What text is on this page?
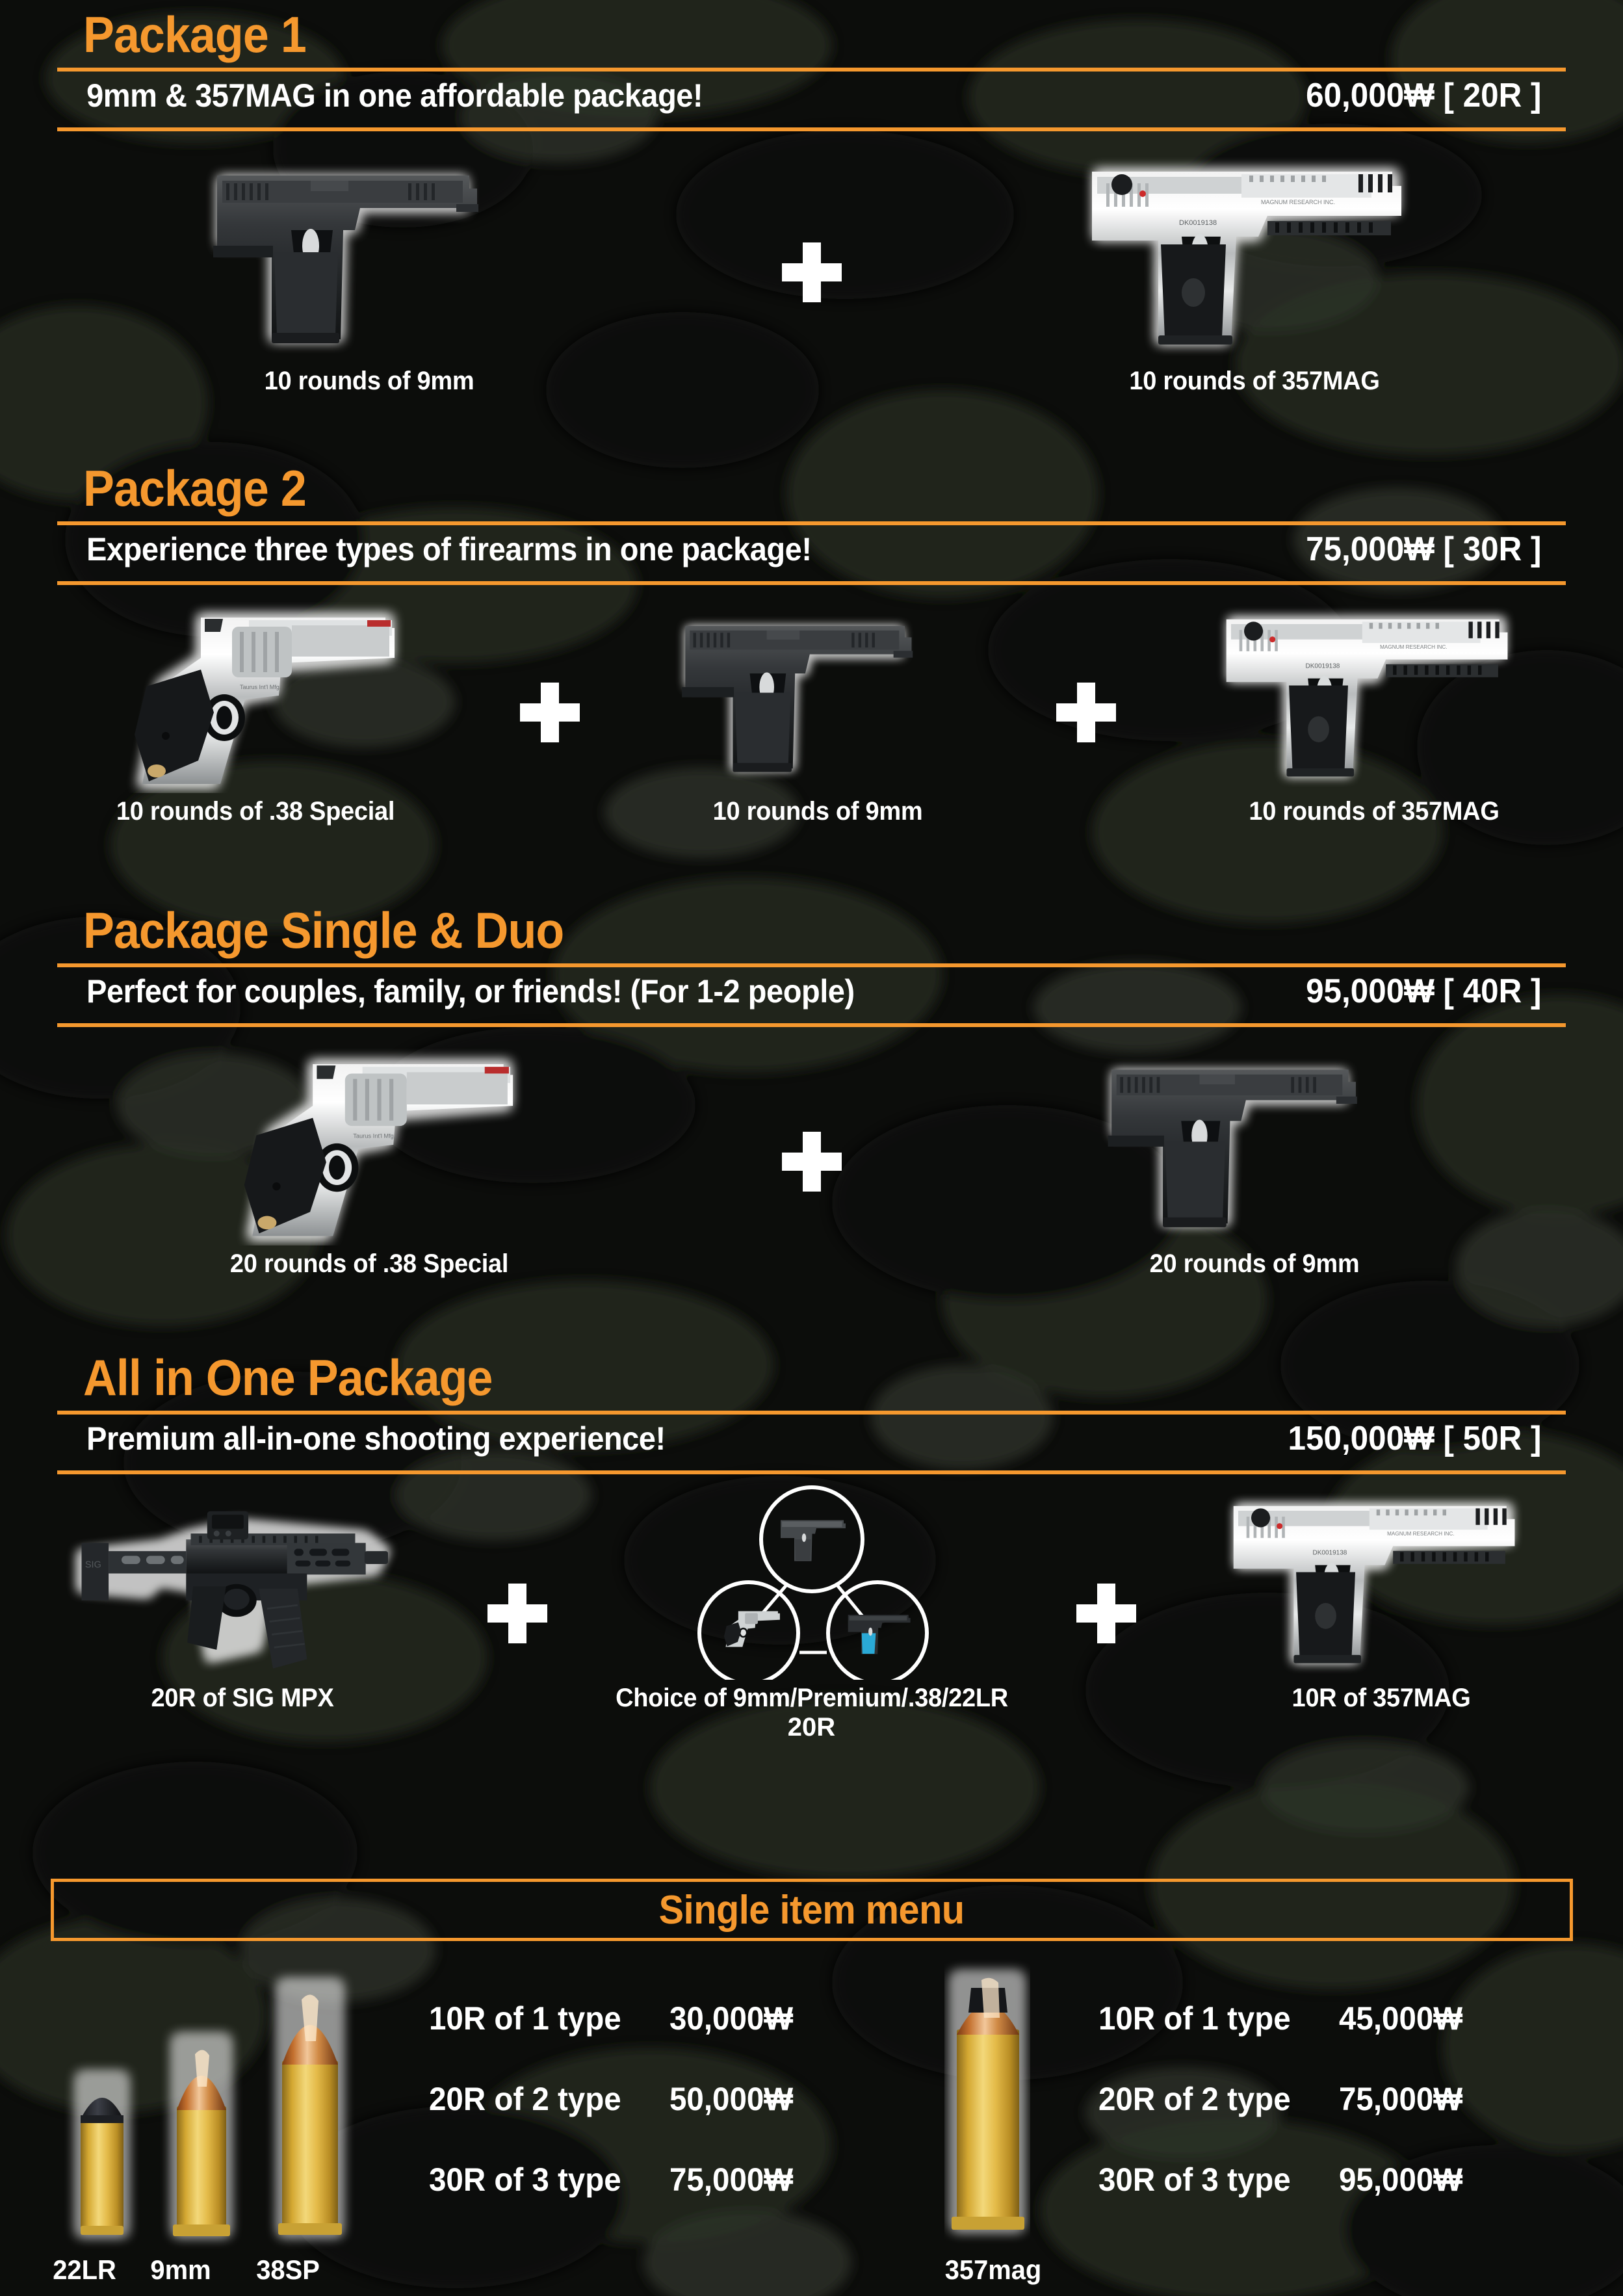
Package 1
9mm & 357MAG in one affordable package!	60,000₩ [ 20R ]
10 rounds of 9mm
DK0019138
MAGNUM RESEARCH INC.
10 rounds of 357MAG
Package 2
Experience three types of firearms in one package!	75,000₩ [ 30R ]
Taurus Int'l Mfg.
10 rounds of .38 Special	10 rounds of 9mm
DK0019138
MAGNUM RESEARCH INC.
10 rounds of 357MAG
Package Single & Duo
Perfect for couples, family, or friends! (For 1-2 people)	95,000₩ [ 40R ]
Taurus Int'l Mfg.
20 rounds of .38 Special	20 rounds of 9mm
All in One Package
Premium all-in-one shooting experience!	150,000₩ [ 50R ]
SIG
20R of SIG MPX	Choice of 9mm/Premium/.38/22LR
20R
DK0019138
MAGNUM RESEARCH INC.
10R of 357MAG
Single item menu
22LR	9mm	38SP	357mag
10R of 1 type	30,000₩
20R of 2 type	50,000₩
30R of 3 type	75,000₩
10R of 1 type	45,000₩
20R of 2 type	75,000₩
30R of 3 type	95,000₩
